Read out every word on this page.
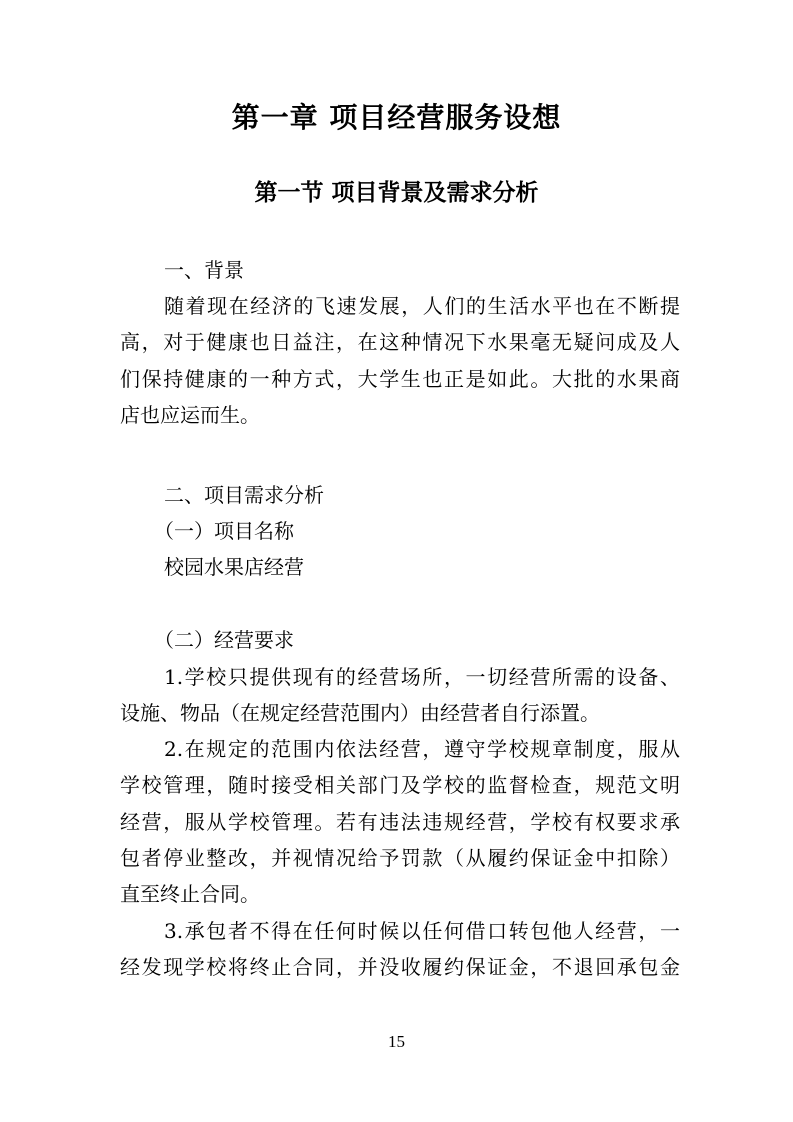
第一章 项目经营服务设想
第一节 项目背景及需求分析

一、背景

随着现在经济的飞速发展，人们的生活水平也在不断提

高，对于健康也日益注，在这种情况下水果毫无疑问成及人

们保持健康的一种方式，大学生也正是如此。大批的水果商

店也应运而生。

二、项目需求分析

（一）项目名称

校园水果店经营

（二）经营要求

1.学校只提供现有的经营场所，一切经营所需的设备、

设施、物品（在规定经营范围内）由经营者自行添置。

2.在规定的范围内依法经营，遵守学校规章制度，服从

学校管理，随时接受相关部门及学校的监督检查，规范文明

经营，服从学校管理。若有违法违规经营，学校有权要求承

包者停业整改，并视情况给予罚款（从履约保证金中扣除）

直至终止合同。

3.承包者不得在任何时候以任何借口转包他人经营，一

经发现学校将终止合同，并没收履约保证金，不退回承包金

15
